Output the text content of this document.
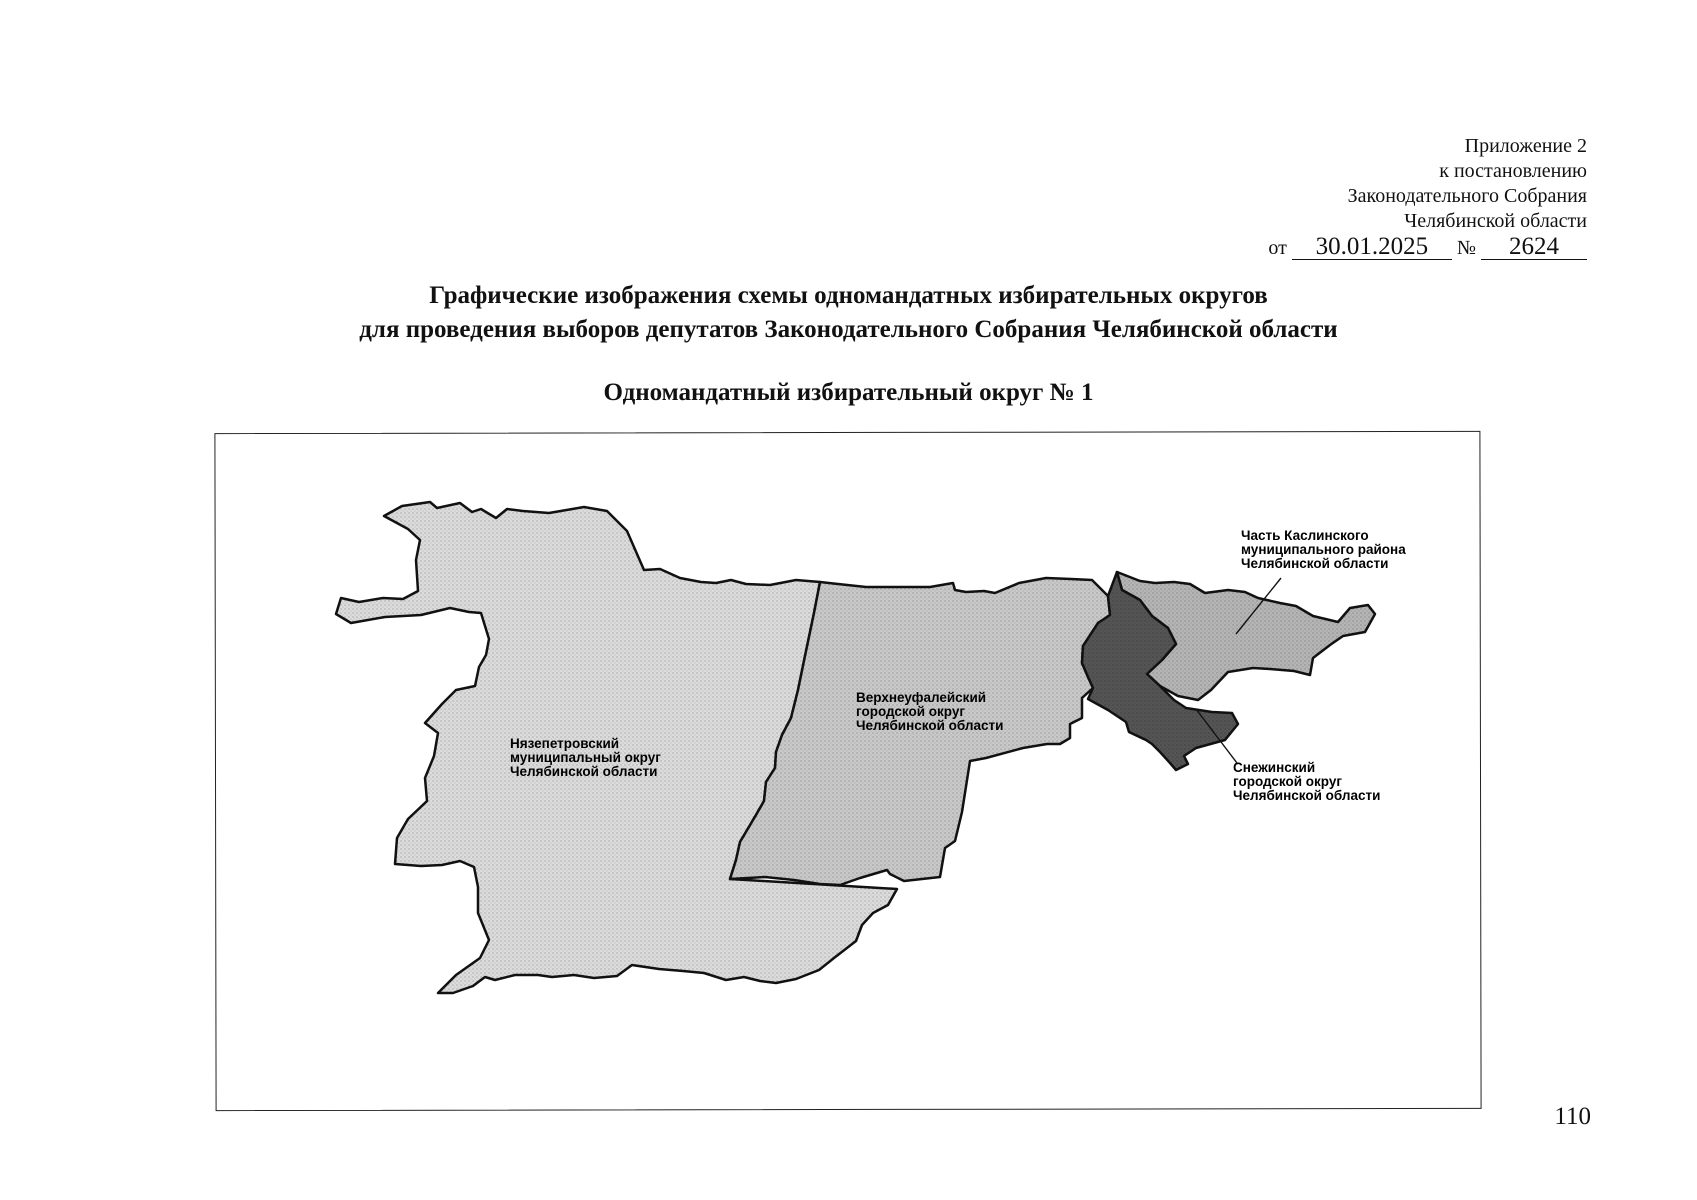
Приложение 2
к постановлению
Законодательного Собрания
Челябинской области
от 30.01.2025 № 2624
Графические изображения схемы одномандатных избирательных округов
для проведения выборов депутатов Законодательного Собрания Челябинской области
Одномандатный избирательный округ № 1
Нязепетровский муниципальный округ Челябинской области
Верхнеуфалейский городской округ Челябинской области
Часть Каслинского муниципального района Челябинской области
Снежинский городской округ Челябинской области
110
